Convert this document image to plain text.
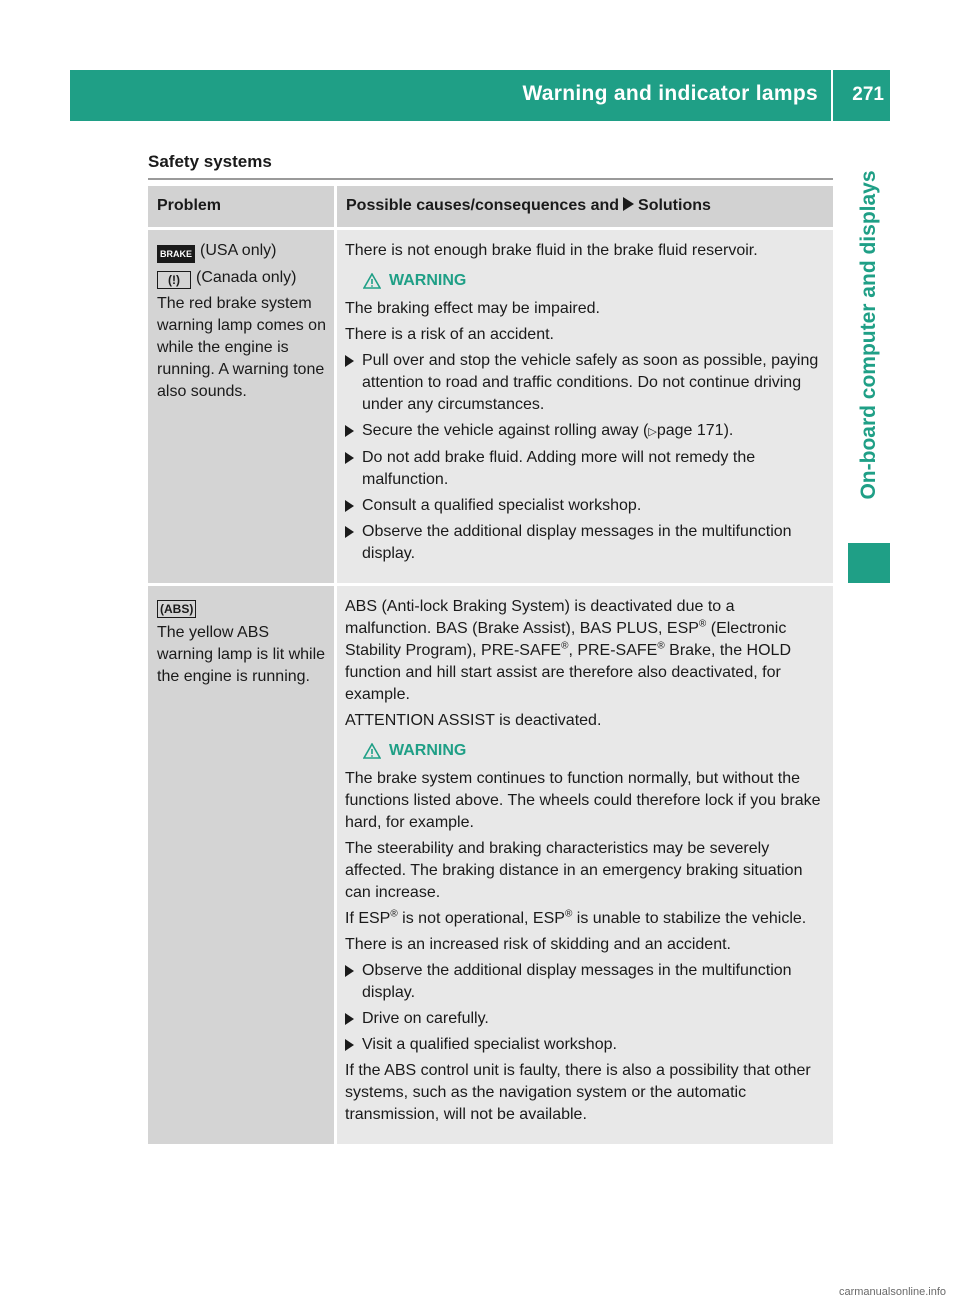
Warning and indicator lamps 271
On-board computer and displays
Safety systems
Problem	Possible causes/consequences and Solutions
BRAKE (USA only)
(!) (Canada only)
The red brake system warning lamp comes on while the engine is running. A warning tone also sounds.
There is not enough brake fluid in the brake fluid reservoir.
WARNING
The braking effect may be impaired.
There is a risk of an accident.
Pull over and stop the vehicle safely as soon as possible, paying attention to road and traffic conditions. Do not continue driving under any circumstances.
Secure the vehicle against rolling away (▷page 171).
Do not add brake fluid. Adding more will not remedy the malfunction.
Consult a qualified specialist workshop.
Observe the additional display messages in the multifunction display.
(ABS)
The yellow ABS warning lamp is lit while the engine is running.
ABS (Anti-lock Braking System) is deactivated due to a malfunction. BAS (Brake Assist), BAS PLUS, ESP® (Electronic Stability Program), PRE-SAFE®, PRE-SAFE® Brake, the HOLD function and hill start assist are therefore also deactivated, for example.
ATTENTION ASSIST is deactivated.
WARNING
The brake system continues to function normally, but without the functions listed above. The wheels could therefore lock if you brake hard, for example.
The steerability and braking characteristics may be severely affected. The braking distance in an emergency braking situation can increase.
If ESP® is not operational, ESP® is unable to stabilize the vehicle.
There is an increased risk of skidding and an accident.
Observe the additional display messages in the multifunction display.
Drive on carefully.
Visit a qualified specialist workshop.
If the ABS control unit is faulty, there is also a possibility that other systems, such as the navigation system or the automatic transmission, will not be available.
carmanualsonline.info
